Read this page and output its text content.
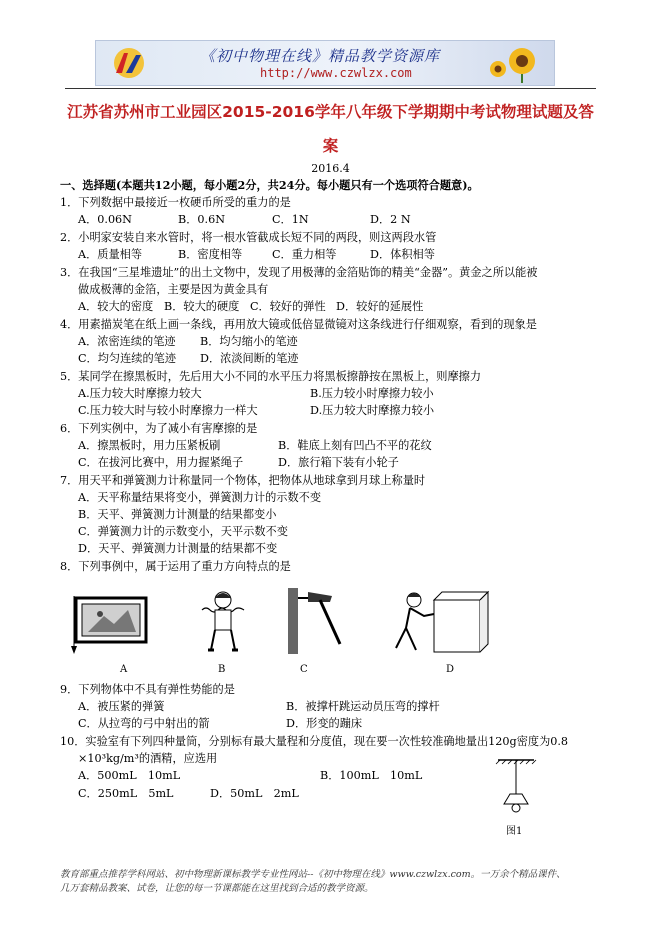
《初中物理在线》精品教学资源库
http://www.czwlzx.com
江苏省苏州市工业园区2015-2016学年八年级下学期期中考试物理试题及答案
2016.4
一、选择题(本题共12小题，每小题2分，共24分。每小题只有一个选项符合题意)。
1．下列数据中最接近一枚硬币所受的重力的是
A．0.06N	B．0.6N	C．1N	D．2 N
2．小明家安装自来水管时，将一根水管截成长短不同的两段，则这两段水管
A．质量相等	B．密度相等	C．重力相等	D．体积相等
3．在我国“三星堆遗址”的出土文物中，发现了用极薄的金箔贴饰的精美“金器”。黄金之所以能被
做成极薄的金箔，主要是因为黄金具有
A．较大的密度 B．较大的硬度 C．较好的弹性 D．较好的延展性
4．用素描炭笔在纸上画一条线，再用放大镜或低倍显微镜对这条线进行仔细观察，看到的现象是
A．浓密连续的笔迹 B．均匀缩小的笔迹
C．均匀连续的笔迹 D．浓淡间断的笔迹
5．某同学在擦黑板时，先后用大小不同的水平压力将黑板擦静按在黑板上，则摩擦力
A.压力较大时摩擦力较大	B.压力较小时摩擦力较小
C.压力较大时与较小时摩擦力一样大	D.压力较大时摩擦力较小
6．下列实例中，为了减小有害摩擦的是
A．擦黑板时，用力压紧板刷	B．鞋底上刻有凹凸不平的花纹
C．在拔河比赛中，用力握紧绳子	D．旅行箱下装有小轮子
7．用天平和弹簧测力计称量同一个物体，把物体从地球拿到月球上称量时
A．天平称量结果将变小，弹簧测力计的示数不变
B．天平、弹簧测力计测量的结果都变小
C．弹簧测力计的示数变小，天平示数不变
D．天平、弹簧测力计测量的结果都不变
8．下列事例中，属于运用了重力方向特点的是
A	B	C	D
9．下列物体中不具有弹性势能的是
A．被压紧的弹簧	B．被撑杆跳运动员压弯的撑杆
C．从拉弯的弓中射出的箭	D．形变的蹦床
10．实验室有下列四种量筒，分别标有最大量程和分度值，现在要一次性较准确地量出120g密度为0.8
×10³kg/m³的酒精，应选用
A．500mL　10mL	B．100mL　10mL
C．250mL　5mL	D．50mL　2mL
图1
教育部重点推荐学科网站、初中物理新课标教学专业性网站--《初中物理在线》www.czwlzx.com。一万余个精品课件、
几万套精品教案、试卷，让您的每一节课都能在这里找到合适的教学资源。
